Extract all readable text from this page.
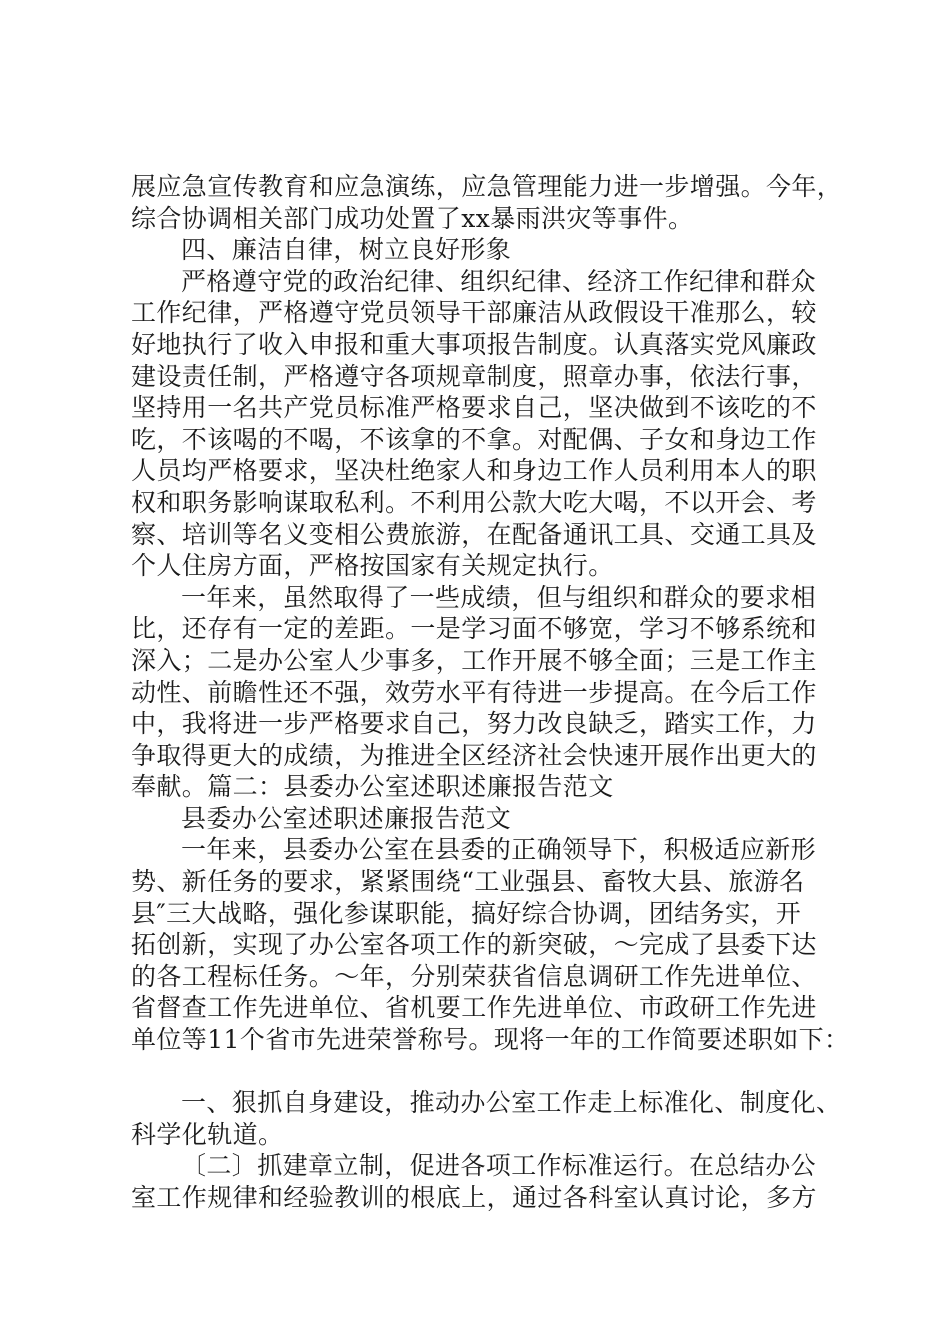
展应急宣传教育和应急演练，应急管理能力进一步增强。今年，
综合协调相关部门成功处置了xx暴雨洪灾等事件。
四、廉洁自律，树立良好形象
严格遵守党的政治纪律、组织纪律、经济工作纪律和群众
工作纪律，严格遵守党员领导干部廉洁从政假设干准那么，较
好地执行了收入申报和重大事项报告制度。认真落实党风廉政
建设责任制，严格遵守各项规章制度，照章办事，依法行事，
坚持用一名共产党员标准严格要求自己，坚决做到不该吃的不
吃，不该喝的不喝，不该拿的不拿。对配偶、子女和身边工作
人员均严格要求，坚决杜绝家人和身边工作人员利用本人的职
权和职务影响谋取私利。不利用公款大吃大喝，不以开会、考
察、培训等名义变相公费旅游，在配备通讯工具、交通工具及
个人住房方面，严格按国家有关规定执行。
一年来，虽然取得了一些成绩，但与组织和群众的要求相
比，还存有一定的差距。一是学习面不够宽，学习不够系统和
深入；二是办公室人少事多，工作开展不够全面；三是工作主
动性、前瞻性还不强，效劳水平有待进一步提高。在今后工作
中，我将进一步严格要求自己，努力改良缺乏，踏实工作，力
争取得更大的成绩，为推进全区经济社会快速开展作出更大的
奉献。篇二：县委办公室述职述廉报告范文
县委办公室述职述廉报告范文
一年来，县委办公室在县委的正确领导下，积极适应新形
势、新任务的要求，紧紧围绕“工业强县、畜牧大县、旅游名
县″三大战略，强化参谋职能，搞好综合协调，团结务实，开
拓创新，实现了办公室各项工作的新突破，～完成了县委下达
的各工程标任务。～年，分别荣获省信息调研工作先进单位、
省督查工作先进单位、省机要工作先进单位、市政研工作先进
单位等11个省市先进荣誉称号。现将一年的工作简要述职如下：
一、狠抓自身建设，推动办公室工作走上标准化、制度化、
科学化轨道。
〔二〕抓建章立制，促进各项工作标准运行。在总结办公
室工作规律和经验教训的根底上，通过各科室认真讨论，多方
